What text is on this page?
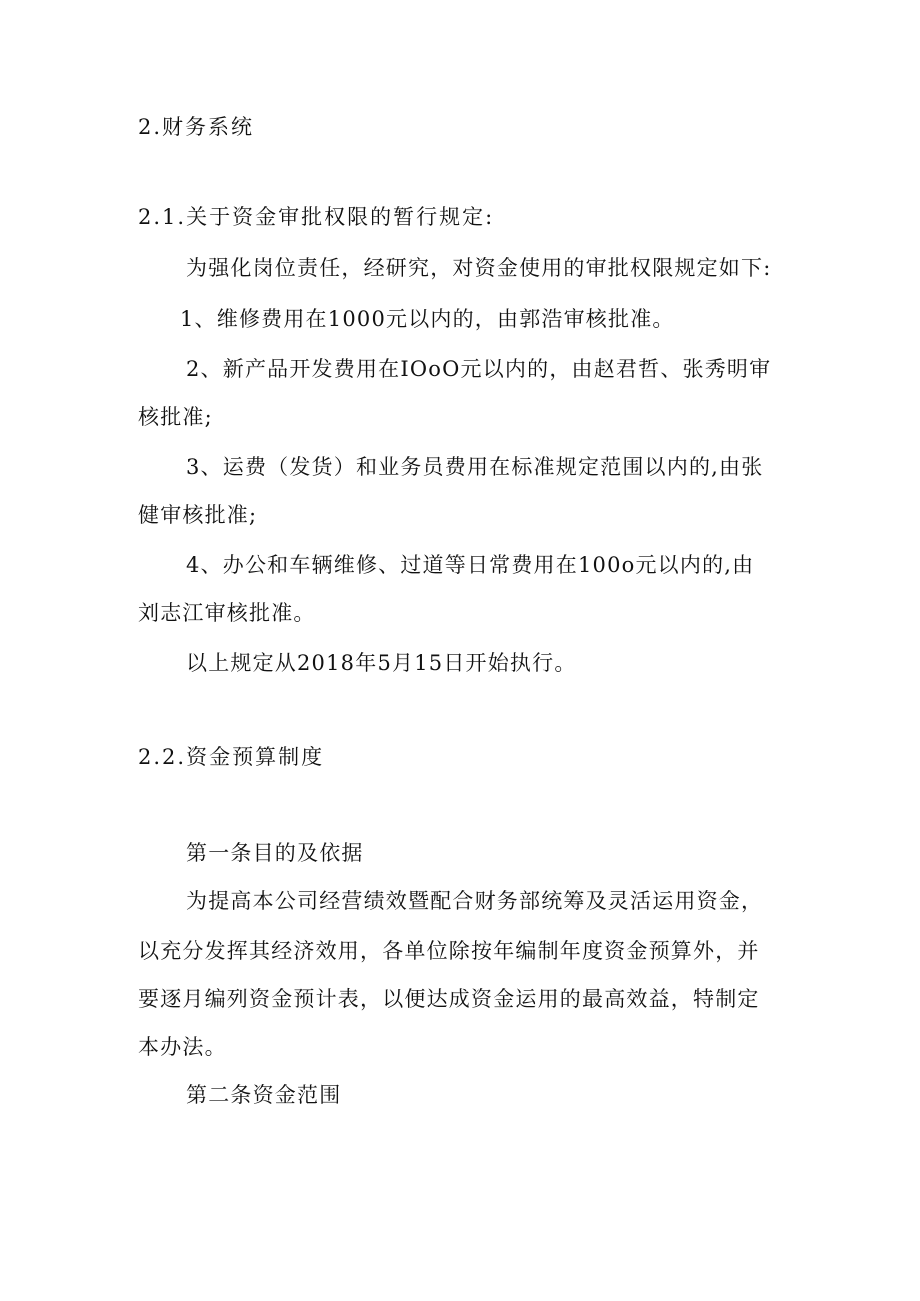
2.财务系统
2.1.关于资金审批权限的暂行规定:
为强化岗位责任，经研究，对资金使用的审批权限规定如下:
1、维修费用在1000元以内的，由郭浩审核批准。
2、新产品开发费用在IOoO元以内的，由赵君哲、张秀明审
核批准;
3、运费（发货）和业务员费用在标准规定范围以内的,由张
健审核批准;
4、办公和车辆维修、过道等日常费用在100o元以内的,由
刘志江审核批准。
以上规定从2018年5月15日开始执行。
2.2.资金预算制度
第一条目的及依据
为提高本公司经营绩效暨配合财务部统筹及灵活运用资金，
以充分发挥其经济效用，各单位除按年编制年度资金预算外，并
要逐月编列资金预计表，以便达成资金运用的最高效益，特制定
本办法。
第二条资金范围
